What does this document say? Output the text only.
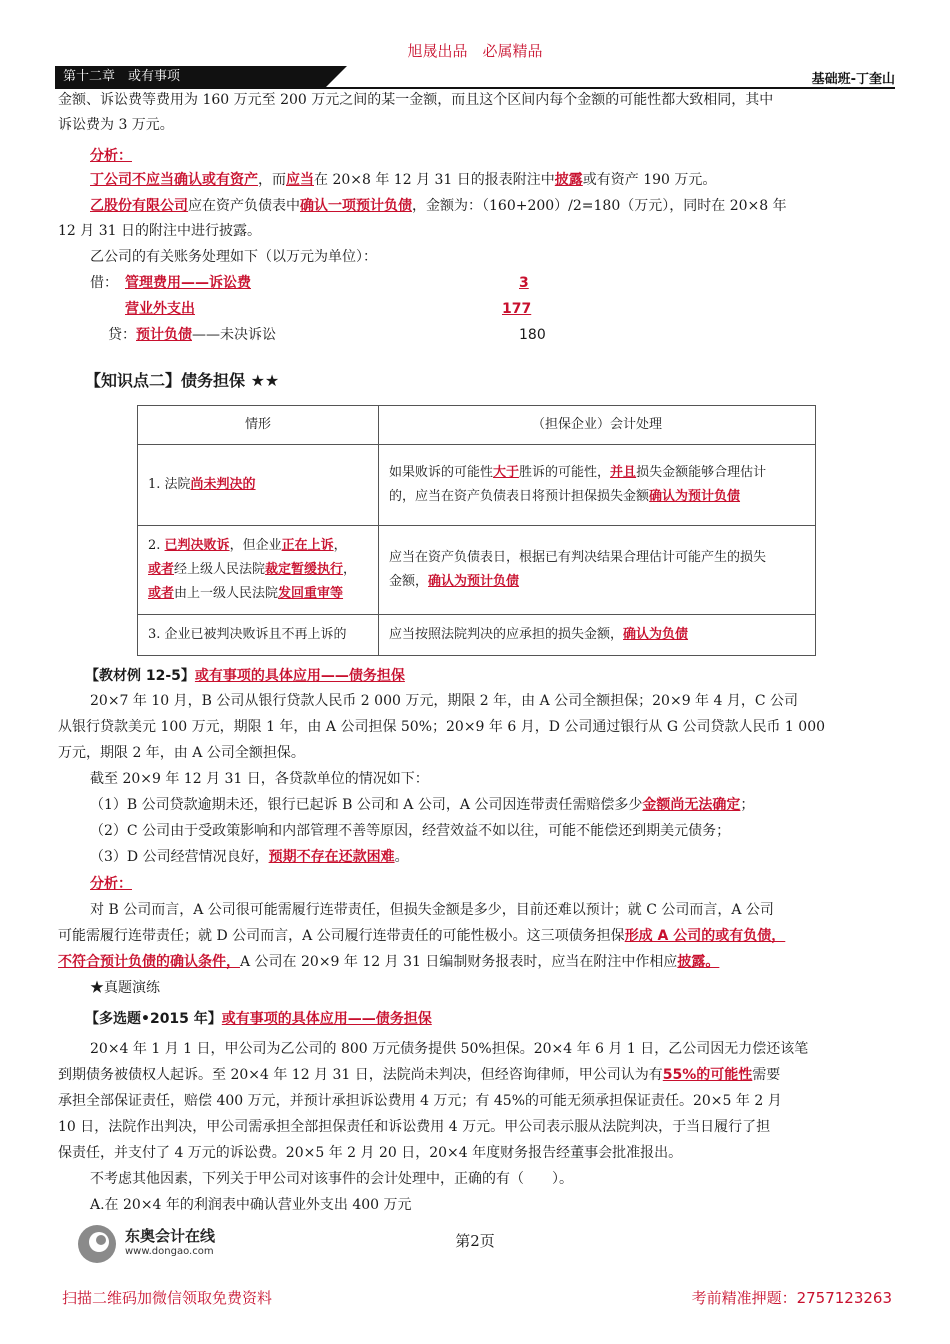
旭晟出品　必属精品
第十二章　或有事项	基础班-丁奎山
金额、诉讼费等费用为 160 万元至 200 万元之间的某一金额，而且这个区间内每个金额的可能性都大致相同，其中
诉讼费为 3 万元。
分析：
丁公司不应当确认或有资产，而应当在 20×8 年 12 月 31 日的报表附注中披露或有资产 190 万元。
乙股份有限公司应在资产负债表中确认一项预计负债，金额为：（160+200）/2=180（万元），同时在 20×8 年
12 月 31 日的附注中进行披露。
乙公司的有关账务处理如下（以万元为单位）：
借： 管理费用——诉讼费	3
营业外支出	177
贷：预计负债——未决诉讼	180
【知识点二】债务担保 ★★
情形	（担保企业）会计处理
1. 法院尚未判决的	如果败诉的可能性大于胜诉的可能性，并且损失金额能够合理估计
的，应当在资产负债表日将预计担保损失金额确认为预计负债
2. 已判决败诉，但企业正在上诉，
或者经上级人民法院裁定暂缓执行，
或者由上一级人民法院发回重审等	应当在资产负债表日，根据已有判决结果合理估计可能产生的损失
金额，确认为预计负债
3. 企业已被判决败诉且不再上诉的	应当按照法院判决的应承担的损失金额，确认为负债
【教材例 12-5】或有事项的具体应用——债务担保
20×7 年 10 月，B 公司从银行贷款人民币 2 000 万元，期限 2 年，由 A 公司全额担保；20×9 年 4 月，C 公司
从银行贷款美元 100 万元，期限 1 年，由 A 公司担保 50%；20×9 年 6 月，D 公司通过银行从 G 公司贷款人民币 1 000
万元，期限 2 年，由 A 公司全额担保。
截至 20×9 年 12 月 31 日，各贷款单位的情况如下：
（1）B 公司贷款逾期未还，银行已起诉 B 公司和 A 公司，A 公司因连带责任需赔偿多少金额尚无法确定；
（2）C 公司由于受政策影响和内部管理不善等原因，经营效益不如以往，可能不能偿还到期美元债务；
（3）D 公司经营情况良好，预期不存在还款困难。
分析：
对 B 公司而言，A 公司很可能需履行连带责任，但损失金额是多少，目前还难以预计；就 C 公司而言，A 公司
可能需履行连带责任；就 D 公司而言，A 公司履行连带责任的可能性极小。这三项债务担保形成 A 公司的或有负债，
不符合预计负债的确认条件，A 公司在 20×9 年 12 月 31 日编制财务报表时，应当在附注中作相应披露。
★真题演练
【多选题•2015 年】或有事项的具体应用——债务担保
20×4 年 1 月 1 日，甲公司为乙公司的 800 万元债务提供 50%担保。20×4 年 6 月 1 日，乙公司因无力偿还该笔
到期债务被债权人起诉。至 20×4 年 12 月 31 日，法院尚未判决，但经咨询律师，甲公司认为有55%的可能性需要
承担全部保证责任，赔偿 400 万元，并预计承担诉讼费用 4 万元；有 45%的可能无须承担保证责任。20×5 年 2 月
10 日，法院作出判决，甲公司需承担全部担保责任和诉讼费用 4 万元。甲公司表示服从法院判决，于当日履行了担
保责任，并支付了 4 万元的诉讼费。20×5 年 2 月 20 日，20×4 年度财务报告经董事会批准报出。
不考虑其他因素，下列关于甲公司对该事件的会计处理中，正确的有（　　）。
A.在 20×4 年的利润表中确认营业外支出 400 万元
东奥会计在线
www.dongao.com
第2页
扫描二维码加微信领取免费资料	考前精准押题：2757123263
